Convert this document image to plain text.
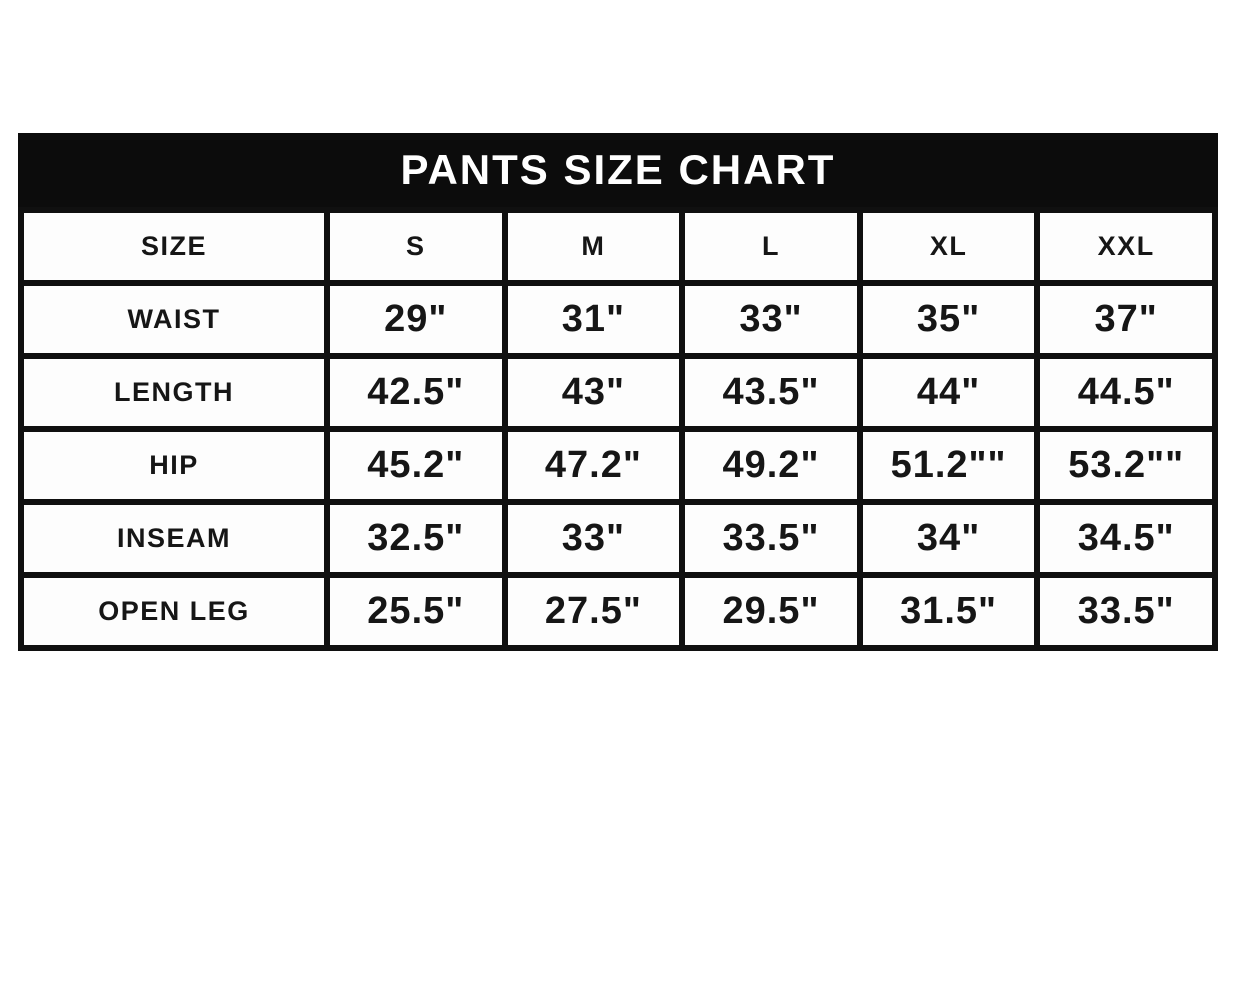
PANTS SIZE CHART
SIZE	S	M	L	XL	XXL
WAIST	29"	31"	33"	35"	37"
LENGTH	42.5"	43"	43.5"	44"	44.5"
HIP	45.2"	47.2"	49.2"	51.2""	53.2""
INSEAM	32.5"	33"	33.5"	34"	34.5"
OPEN LEG	25.5"	27.5"	29.5"	31.5"	33.5"
